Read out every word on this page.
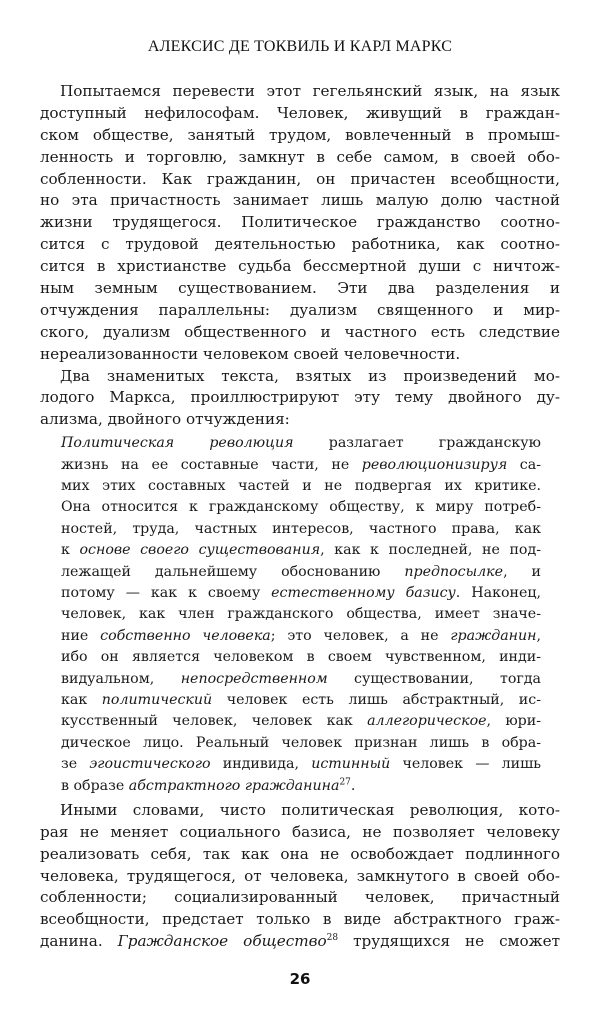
АЛЕКСИС ДЕ ТОКВИЛЬ И КАРЛ МАРКС
Попытаемся перевести этот гегельянский язык, на язык
доступный нефилософам. Человек, живущий в граждан-
ском обществе, занятый трудом, вовлеченный в промыш-
ленность и торговлю, замкнут в себе самом, в своей обо-
собленности. Как гражданин, он причастен всеобщности,
но эта причастность занимает лишь малую долю частной
жизни трудящегося. Политическое гражданство соотно-
сится с трудовой деятельностью работника, как соотно-
сится в христианстве судьба бессмертной души с ничтож-
ным земным существованием. Эти два разделения и
отчуждения параллельны: дуализм священного и мир-
ского, дуализм общественного и частного есть следствие
нереализованности человеком своей человечности.
Два знаменитых текста, взятых из произведений мо-
лодого Маркса, проиллюстрируют эту тему двойного ду-
ализма, двойного отчуждения:
Политическая революция разлагает гражданскую
жизнь на ее составные части, не революционизируя са-
мих этих составных частей и не подвергая их критике.
Она относится к гражданскому обществу, к миру потреб-
ностей, труда, частных интересов, частного права, как
к основе своего существования, как к последней, не под-
лежащей дальнейшему обоснованию предпосылке, и
потому — как к своему естественному базису. Наконец,
человек, как член гражданского общества, имеет значе-
ние собственно человека; это человек, а не гражданин,
ибо он является человеком в своем чувственном, инди-
видуальном, непосредственном существовании, тогда
как политический человек есть лишь абстрактный, ис-
кусственный человек, человек как аллегорическое, юри-
дическое лицо. Реальный человек признан лишь в обра-
зе эгоистического индивида, истинный человек — лишь
в образе абстрактного гражданина$^{27}$.
Иными словами, чисто политическая революция, кото-
рая не меняет социального базиса, не позволяет человеку
реализовать себя, так как она не освобождает подлинного
человека, трудящегося, от человека, замкнутого в своей обо-
собленности; социализированный человек, причастный
всеобщности, предстает только в виде абстрактного граж-
данина. Гражданское общество$^{28}$ трудящихся не сможет
26
